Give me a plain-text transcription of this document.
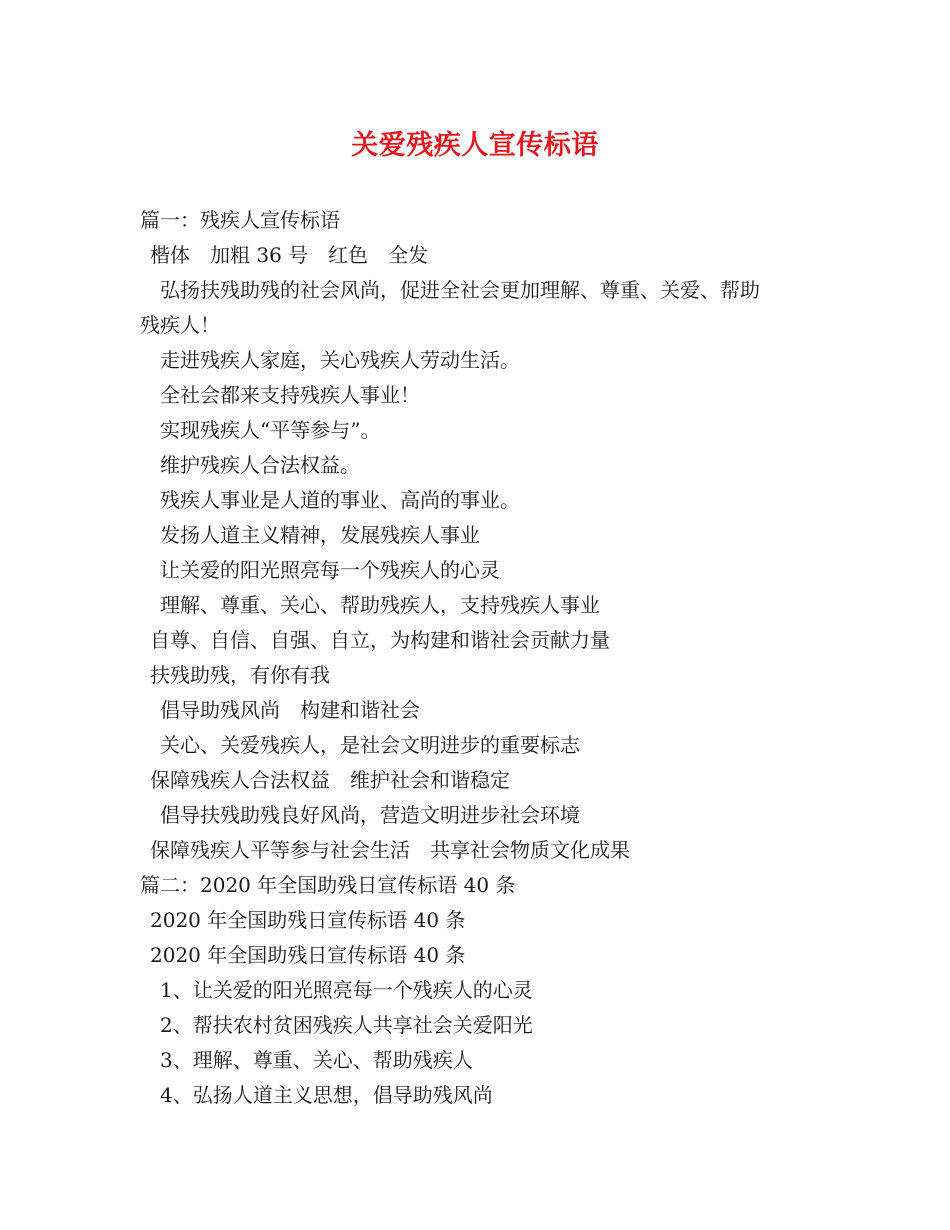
关爱残疾人宣传标语
篇一：残疾人宣传标语
楷体　加粗 36 号　红色　全发
弘扬扶残助残的社会风尚，促进全社会更加理解、尊重、关爱、帮助
残疾人！
走进残疾人家庭，关心残疾人劳动生活。
全社会都来支持残疾人事业！
实现残疾人“平等参与”。
维护残疾人合法权益。
残疾人事业是人道的事业、高尚的事业。
发扬人道主义精神，发展残疾人事业
让关爱的阳光照亮每一个残疾人的心灵
理解、尊重、关心、帮助残疾人，支持残疾人事业
自尊、自信、自强、自立，为构建和谐社会贡献力量
扶残助残，有你有我
倡导助残风尚　构建和谐社会
关心、关爱残疾人，是社会文明进步的重要标志
保障残疾人合法权益　维护社会和谐稳定
倡导扶残助残良好风尚，营造文明进步社会环境
保障残疾人平等参与社会生活　共享社会物质文化成果
篇二：2020 年全国助残日宣传标语 40 条
2020 年全国助残日宣传标语 40 条
2020 年全国助残日宣传标语 40 条
1、让关爱的阳光照亮每一个残疾人的心灵
2、帮扶农村贫困残疾人共享社会关爱阳光
3、理解、尊重、关心、帮助残疾人
4、弘扬人道主义思想，倡导助残风尚
